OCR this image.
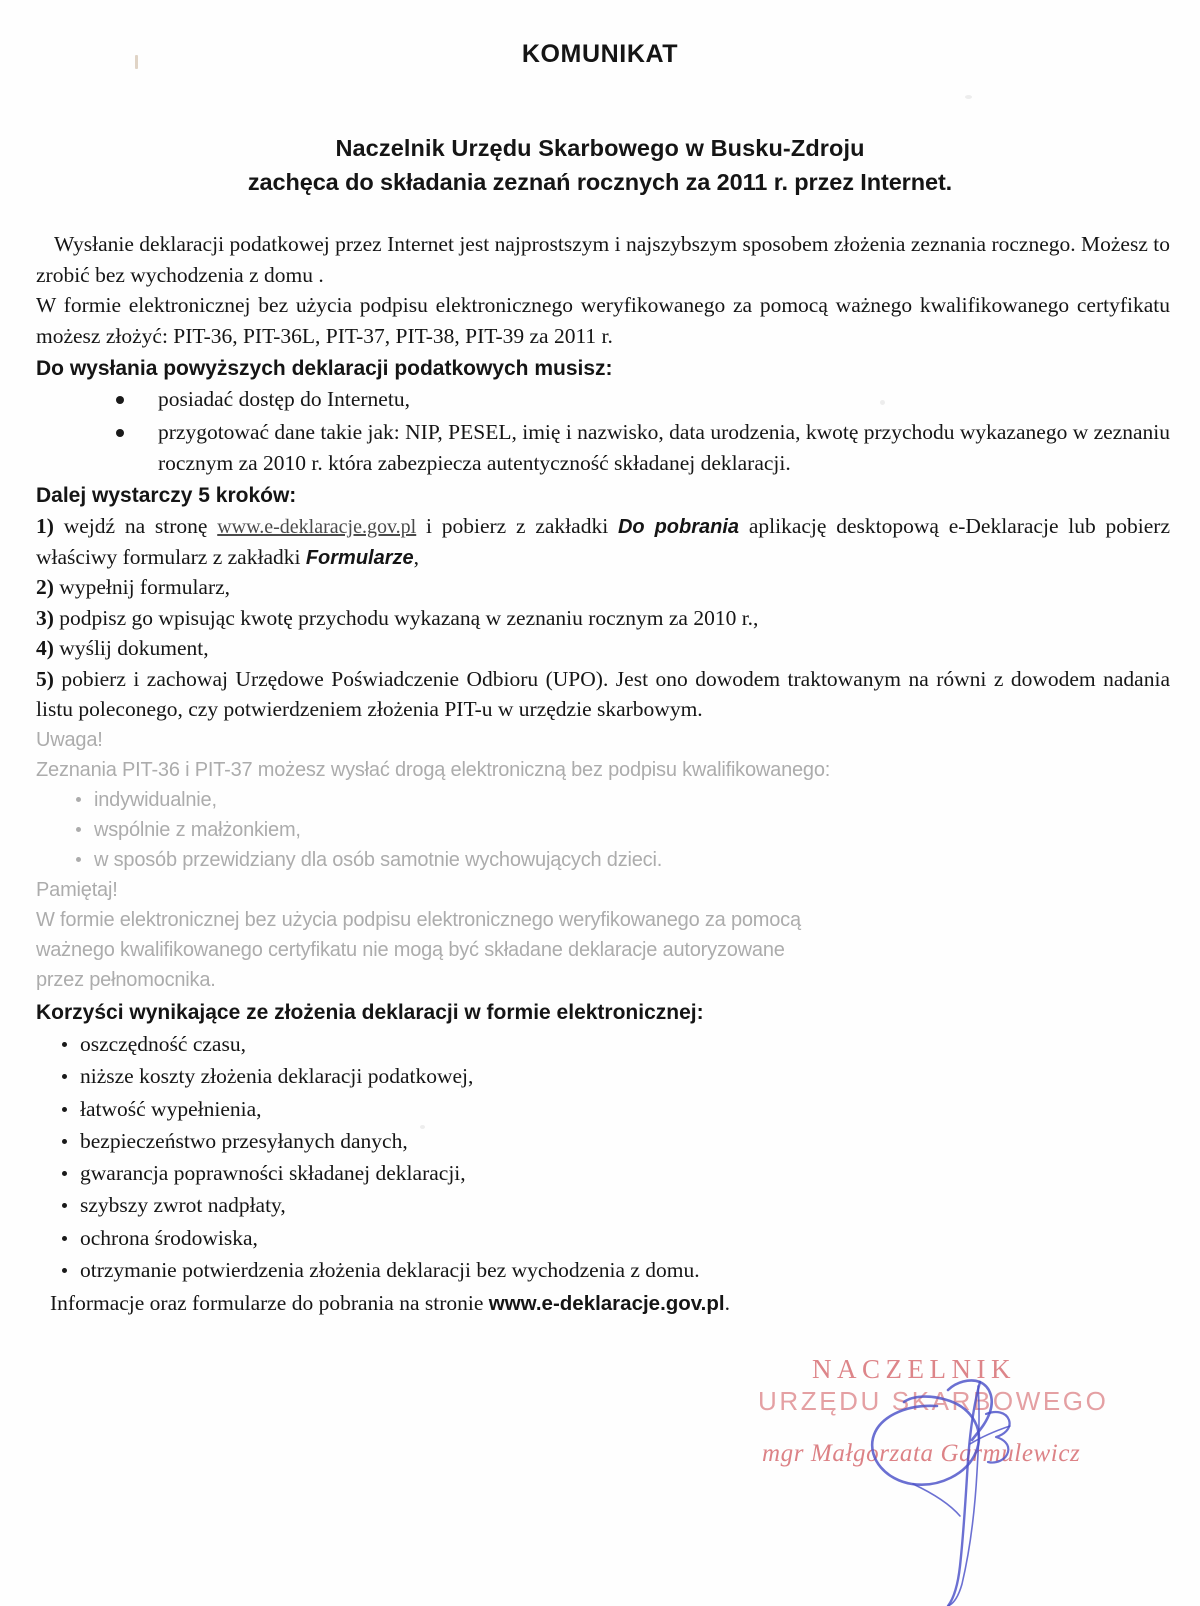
KOMUNIKAT
Naczelnik Urzędu Skarbowego w Busku-Zdroju
zachęca do składania zeznań rocznych za 2011 r. przez Internet.

Wysłanie deklaracji podatkowej przez Internet jest najprostszym i najszybszym sposobem złożenia zeznania rocznego. Możesz to zrobić bez wychodzenia z domu .

W formie elektronicznej bez użycia podpisu elektronicznego weryfikowanego za pomocą ważnego kwalifikowanego certyfikatu możesz złożyć: PIT-36, PIT-36L, PIT-37, PIT-38, PIT-39 za 2011 r.

Do wysłania powyższych deklaracji podatkowych musisz:
posiadać dostęp do Internetu,
przygotować dane takie jak: NIP, PESEL, imię i nazwisko, data urodzenia, kwotę przychodu wykazanego w zeznaniu rocznym za 2010 r. która zabezpiecza autentyczność składanej deklaracji.
Dalej wystarczy 5 kroków:
1) wejdź na stronę www.e-deklaracje.gov.pl i pobierz z zakładki Do pobrania aplikację desktopową e-Deklaracje lub pobierz właściwy formularz z zakładki Formularze,
2) wypełnij formularz,
3) podpisz go wpisując kwotę przychodu wykazaną w zeznaniu rocznym za 2010 r.,
4) wyślij dokument,
5) pobierz i zachowaj Urzędowe Poświadczenie Odbioru (UPO). Jest ono dowodem traktowanym na równi z dowodem nadania listu poleconego, czy potwierdzeniem złożenia PIT-u w urzędzie skarbowym.
Uwaga!
Zeznania PIT-36 i PIT-37 możesz wysłać drogą elektroniczną bez podpisu kwalifikowanego:
indywidualnie,
wspólnie z małżonkiem,
w sposób przewidziany dla osób samotnie wychowujących dzieci.
Pamiętaj!
W formie elektronicznej bez użycia podpisu elektronicznego weryfikowanego za pomocą
ważnego kwalifikowanego certyfikatu nie mogą być składane deklaracje autoryzowane
przez pełnomocnika.
Korzyści wynikające ze złożenia deklaracji w formie elektronicznej:
oszczędność czasu,
niższe koszty złożenia deklaracji podatkowej,
łatwość wypełnienia,
bezpieczeństwo przesyłanych danych,
gwarancja poprawności składanej deklaracji,
szybszy zwrot nadpłaty,
ochrona środowiska,
otrzymanie potwierdzenia złożenia deklaracji bez wychodzenia z domu.

Informacje oraz formularze do pobrania na stronie www.e-deklaracje.gov.pl.

NACZELNIK
URZĘDU SKARBOWEGO
mgr Małgorzata Garmulewicz
